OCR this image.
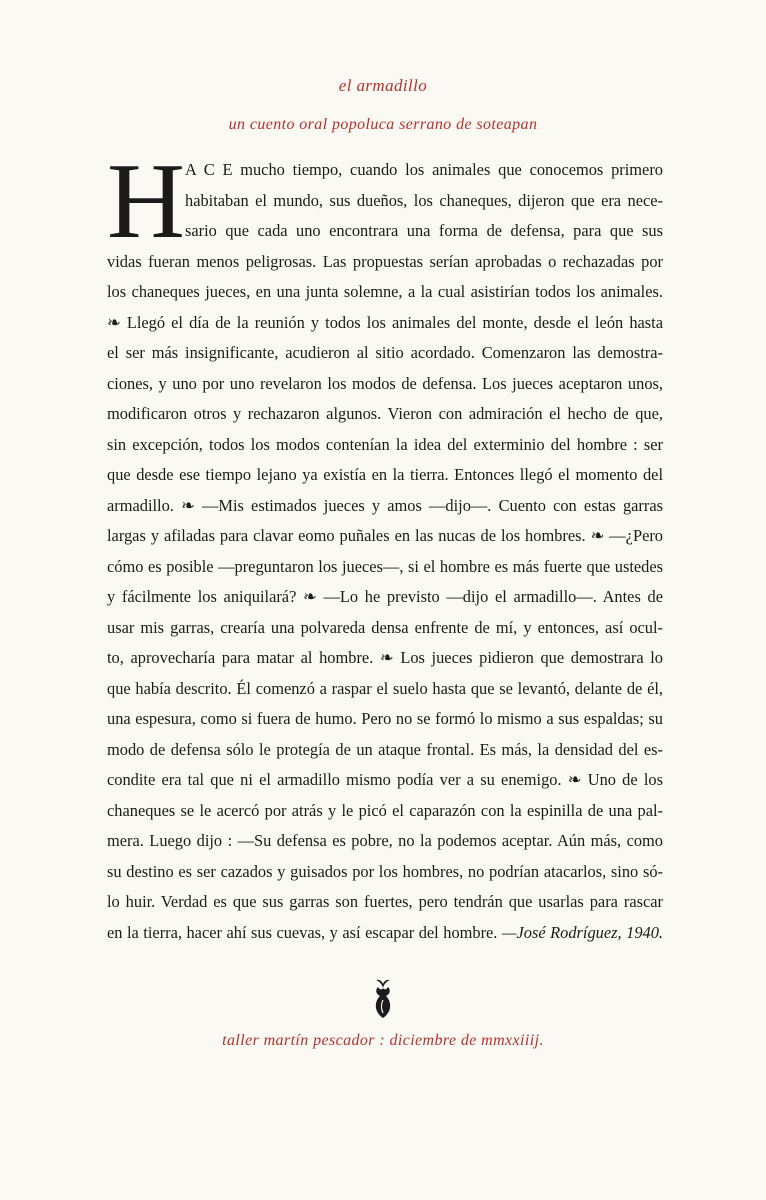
el armadillo
un cuento oral popoluca serrano de soteapan
H A C E mucho tiempo, cuando los animales que conocemos primero
habitaban el mundo, sus dueños, los chaneques, dijeron que era nece-
sario que cada uno encontrara una forma de defensa, para que sus
vidas fueran menos peligrosas. Las propuestas serían aprobadas o rechazadas por
los chaneques jueces, en una junta solemne, a la cual asistirían todos los animales.
❧ Llegó el día de la reunión y todos los animales del monte, desde el león hasta
el ser más insignificante, acudieron al sitio acordado. Comenzaron las demostra-
ciones, y uno por uno revelaron los modos de defensa. Los jueces aceptaron unos,
modificaron otros y rechazaron algunos. Vieron con admiración el hecho de que,
sin excepción, todos los modos contenían la idea del exterminio del hombre : ser
que desde ese tiempo lejano ya existía en la tierra. Entonces llegó el momento del
armadillo. ❧ —Mis estimados jueces y amos —dijo—. Cuento con estas garras
largas y afiladas para clavar eomo puñales en las nucas de los hombres. ❧ —¿Pero
cómo es posible —preguntaron los jueces—, si el hombre es más fuerte que ustedes
y fácilmente los aniquilará? ❧ —Lo he previsto —dijo el armadillo—. Antes de
usar mis garras, crearía una polvareda densa enfrente de mí, y entonces, así ocul-
to, aprovecharía para matar al hombre. ❧ Los jueces pidieron que demostrara lo
que había descrito. Él comenzó a raspar el suelo hasta que se levantó, delante de él,
una espesura, como si fuera de humo. Pero no se formó lo mismo a sus espaldas; su
modo de defensa sólo le protegía de un ataque frontal. Es más, la densidad del es-
condite era tal que ni el armadillo mismo podía ver a su enemigo. ❧ Uno de los
chaneques se le acercó por atrás y le picó el caparazón con la espinilla de una pal-
mera. Luego dijo : —Su defensa es pobre, no la podemos aceptar. Aún más, como
su destino es ser cazados y guisados por los hombres, no podrían atacarlos, sino só-
lo huir. Verdad es que sus garras son fuertes, pero tendrán que usarlas para rascar
en la tierra, hacer ahí sus cuevas, y así escapar del hombre. —José Rodríguez, 1940.
taller martín pescador : diciembre de mmxxiiij.
